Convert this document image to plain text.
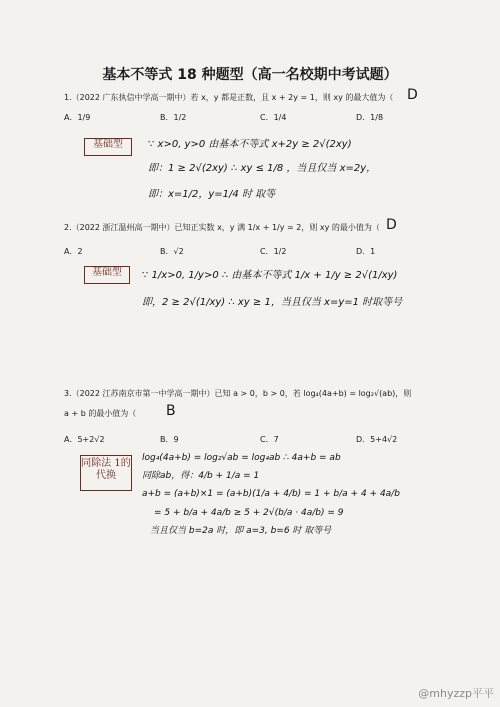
基本不等式 18 种题型（高一名校期中考试题）
1.（2022 广东执信中学高一期中）若 x，y 都是正数，且 x + 2y = 1，则 xy 的最大值为（ D
A．1/9	B．1/2	C．1/4	D．1/8
基础型	∵ x>0, y>0 由基本不等式 x+2y ≥ 2√(2xy)
即：1 ≥ 2√(2xy) ∴ xy ≤ 1/8 ，当且仅当 x=2y，
即：x=1/2，y=1/4 时 取等
2.（2022 浙江温州高一期中）已知正实数 x，y 满 1/x + 1/y = 2，则 xy 的最小值为（ D
A．2	B．√2	C．1/2	D．1
基础型	∵ 1/x>0, 1/y>0 ∴ 由基本不等式 1/x + 1/y ≥ 2√(1/xy)
即，2 ≥ 2√(1/xy) ∴ xy ≥ 1，当且仅当 x=y=1 时取等号
3.（2022 江苏南京市第一中学高一期中）已知 a > 0，b > 0，若 log₄(4a+b) = log₂√(ab)，则
a + b 的最小值为（ B
A．5+2√2	B．9	C．7	D．5+4√2
同除法 1的代换
log₄(4a+b) = log₂√ab = log₄ab ∴ 4a+b = ab
同除ab，得：4/b + 1/a = 1
a+b = (a+b)×1 = (a+b)(1/a + 4/b) = 1 + b/a + 4 + 4a/b
= 5 + b/a + 4a/b ≥ 5 + 2√(b/a · 4a/b) = 9
当且仅当 b=2a 时，即 a=3, b=6 时 取等号
@mhyzzp平平
